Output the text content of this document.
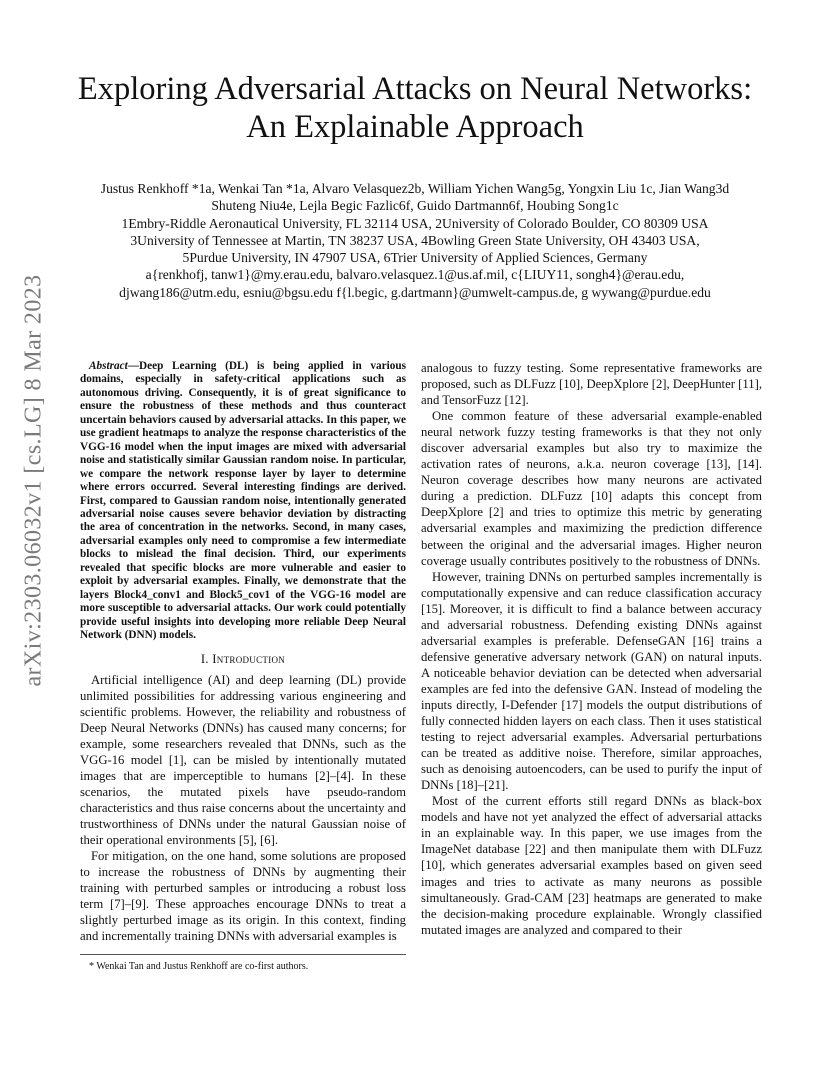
arXiv:2303.06032v1 [cs.LG] 8 Mar 2023
Exploring Adversarial Attacks on Neural Networks:
An Explainable Approach
Justus Renkhoff *1a, Wenkai Tan *1a, Alvaro Velasquez2b, William Yichen Wang5g, Yongxin Liu 1c, Jian Wang3d
Shuteng Niu4e, Lejla Begic Fazlic6f, Guido Dartmann6f, Houbing Song1c
1Embry-Riddle Aeronautical University, FL 32114 USA, 2University of Colorado Boulder, CO 80309 USA
3University of Tennessee at Martin, TN 38237 USA, 4Bowling Green State University, OH 43403 USA,
5Purdue University, IN 47907 USA, 6Trier University of Applied Sciences, Germany
a{renkhofj, tanw1}@my.erau.edu, balvaro.velasquez.1@us.af.mil, c{LIUY11, songh4}@erau.edu,
djwang186@utm.edu, esniu@bgsu.edu f{l.begic, g.dartmann}@umwelt-campus.de, g wywang@purdue.edu

Abstract—Deep Learning (DL) is being applied in various domains, especially in safety-critical applications such as autonomous driving. Consequently, it is of great significance to ensure the robustness of these methods and thus counteract uncertain behaviors caused by adversarial attacks. In this paper, we use gradient heatmaps to analyze the response characteristics of the VGG-16 model when the input images are mixed with adversarial noise and statistically similar Gaussian random noise. In particular, we compare the network response layer by layer to determine where errors occurred. Several interesting findings are derived. First, compared to Gaussian random noise, intentionally generated adversarial noise causes severe behavior deviation by distracting the area of concentration in the networks. Second, in many cases, adversarial examples only need to compromise a few intermediate blocks to mislead the final decision. Third, our experiments revealed that specific blocks are more vulnerable and easier to exploit by adversarial examples. Finally, we demonstrate that the layers Block4_conv1 and Block5_cov1 of the VGG-16 model are more susceptible to adversarial attacks. Our work could potentially provide useful insights into developing more reliable Deep Neural Network (DNN) models.

I. Introduction

Artificial intelligence (AI) and deep learning (DL) provide unlimited possibilities for addressing various engineering and scientific problems. However, the reliability and robustness of Deep Neural Networks (DNNs) has caused many concerns; for example, some researchers revealed that DNNs, such as the VGG-16 model [1], can be misled by intentionally mutated images that are imperceptible to humans [2]–[4]. In these scenarios, the mutated pixels have pseudo-random characteristics and thus raise concerns about the uncertainty and trustworthiness of DNNs under the natural Gaussian noise of their operational environments [5], [6].

For mitigation, on the one hand, some solutions are proposed to increase the robustness of DNNs by augmenting their training with perturbed samples or introducing a robust loss term [7]–[9]. These approaches encourage DNNs to treat a slightly perturbed image as its origin. In this context, finding and incrementally training DNNs with adversarial examples is

analogous to fuzzy testing. Some representative frameworks are proposed, such as DLFuzz [10], DeepXplore [2], DeepHunter [11], and TensorFuzz [12].

One common feature of these adversarial example-enabled neural network fuzzy testing frameworks is that they not only discover adversarial examples but also try to maximize the activation rates of neurons, a.k.a. neuron coverage [13], [14]. Neuron coverage describes how many neurons are activated during a prediction. DLFuzz [10] adapts this concept from DeepXplore [2] and tries to optimize this metric by generating adversarial examples and maximizing the prediction difference between the original and the adversarial images. Higher neuron coverage usually contributes positively to the robustness of DNNs.

However, training DNNs on perturbed samples incrementally is computationally expensive and can reduce classification accuracy [15]. Moreover, it is difficult to find a balance between accuracy and adversarial robustness. Defending existing DNNs against adversarial examples is preferable. DefenseGAN [16] trains a defensive generative adversary network (GAN) on natural inputs. A noticeable behavior deviation can be detected when adversarial examples are fed into the defensive GAN. Instead of modeling the inputs directly, I-Defender [17] models the output distributions of fully connected hidden layers on each class. Then it uses statistical testing to reject adversarial examples. Adversarial perturbations can be treated as additive noise. Therefore, similar approaches, such as denoising autoencoders, can be used to purify the input of DNNs [18]–[21].

Most of the current efforts still regard DNNs as black-box models and have not yet analyzed the effect of adversarial attacks in an explainable way. In this paper, we use images from the ImageNet database [22] and then manipulate them with DLFuzz [10], which generates adversarial examples based on given seed images and tries to activate as many neurons as possible simultaneously. Grad-CAM [23] heatmaps are generated to make the decision-making procedure explainable. Wrongly classified mutated images are analyzed and compared to their

* Wenkai Tan and Justus Renkhoff are co-first authors.
